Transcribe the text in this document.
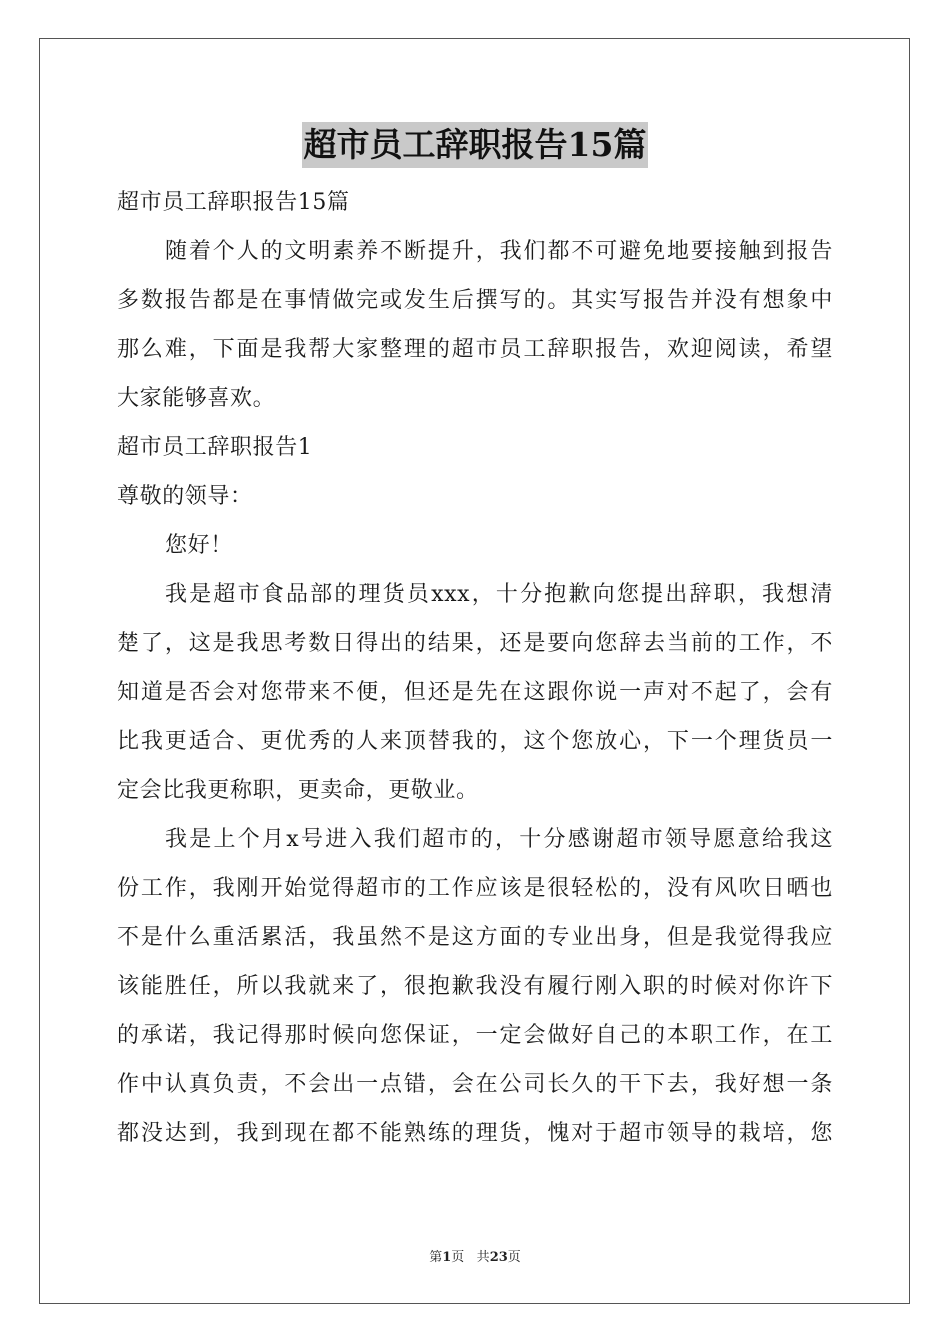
超市员工辞职报告15篇

超市员工辞职报告15篇

随着个人的文明素养不断提升，我们都不可避免地要接触到报告

多数报告都是在事情做完或发生后撰写的。其实写报告并没有想象中

那么难，下面是我帮大家整理的超市员工辞职报告，欢迎阅读，希望

大家能够喜欢。

超市员工辞职报告1

尊敬的领导：

您好！

我是超市食品部的理货员xxx，十分抱歉向您提出辞职，我想清

楚了，这是我思考数日得出的结果，还是要向您辞去当前的工作，不

知道是否会对您带来不便，但还是先在这跟你说一声对不起了，会有

比我更适合、更优秀的人来顶替我的，这个您放心，下一个理货员一

定会比我更称职，更卖命，更敬业。

我是上个月x号进入我们超市的，十分感谢超市领导愿意给我这

份工作，我刚开始觉得超市的工作应该是很轻松的，没有风吹日晒也

不是什么重活累活，我虽然不是这方面的专业出身，但是我觉得我应

该能胜任，所以我就来了，很抱歉我没有履行刚入职的时候对你许下

的承诺，我记得那时候向您保证，一定会做好自己的本职工作，在工

作中认真负责，不会出一点错，会在公司长久的干下去，我好想一条

都没达到，我到现在都不能熟练的理货，愧对于超市领导的栽培，您

第1页 共23页
